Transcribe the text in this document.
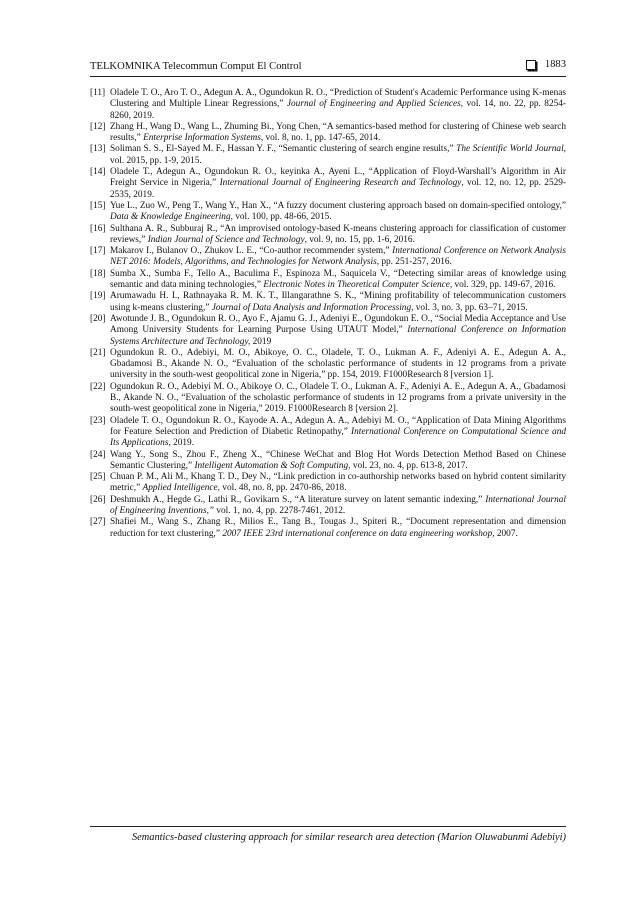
TELKOMNIKA Telecommun Comput El Control	1883
[11] Oladele T. O., Aro T. O., Adegun A. A., Ogundokun R. O., “Prediction of Student's Academic Performance using K-menas Clustering and Multiple Linear Regressions,” Journal of Engineering and Applied Sciences, vol. 14, no. 22, pp. 8254-8260, 2019.
[12] Zhang H., Wang D., Wang L., Zhuming Bi., Yong Chen, “A semantics-based method for clustering of Chinese web search results,” Enterprise Information Systems, vol. 8, no. 1, pp. 147-65, 2014.
[13] Soliman S. S., El-Sayed M. F., Hassan Y. F., “Semantic clustering of search engine results,” The Scientific World Journal, vol. 2015, pp. 1-9, 2015.
[14] Oladele T., Adegun A., Ogundokun R. O., keyinka A., Ayeni L., “Application of Floyd-Warshall’s Algorithm in Air Freight Service in Nigeria,” International Journal of Engineering Research and Technology, vol. 12, no. 12, pp. 2529-2535, 2019.
[15] Yue L., Zuo W., Peng T., Wang Y., Han X., “A fuzzy document clustering approach based on domain-specified ontology,” Data & Knowledge Engineering, vol. 100, pp. 48-66, 2015.
[16] Sulthana A. R., Subburaj R., “An improvised ontology-based K-means clustering approach for classification of customer reviews,” Indian Journal of Science and Technology, vol. 9, no. 15, pp. 1-6, 2016.
[17] Makarov I., Bulanov O., Zhukov L. E., “Co-author recommender system,” International Conference on Network Analysis NET 2016: Models, Algorithms, and Technologies for Network Analysis, pp. 251-257, 2016.
[18] Sumba X., Sumba F., Tello A., Baculima F., Espinoza M., Saquicela V., “Detecting similar areas of knowledge using semantic and data mining technologies,” Electronic Notes in Theoretical Computer Science, vol. 329, pp. 149-67, 2016.
[19] Arumawadu H. I., Rathnayaka R. M. K. T., Illangarathne S. K., “Mining profitability of telecommunication customers using k-means clustering,” Journal of Data Analysis and Information Processing, vol. 3, no. 3, pp. 63–71, 2015.
[20] Awotunde J. B., Ogundokun R. O., Ayo F., Ajamu G. J., Adeniyi E., Ogundokun E. O., “Social Media Acceptance and Use Among University Students for Learning Purpose Using UTAUT Model,” International Conference on Information Systems Architecture and Technology, 2019
[21] Ogundokun R. O., Adebiyi, M. O., Abikoye, O. C., Oladele, T. O., Lukman A. F., Adeniyi A. E., Adegun A. A., Gbadamosi B., Akande N. O., “Evaluation of the scholastic performance of students in 12 programs from a private university in the south-west geopolitical zone in Nigeria,” pp. 154, 2019. F1000Research 8 [version 1].
[22] Ogundokun R. O., Adebiyi M. O., Abikoye O. C., Oladele T. O., Lukman A. F., Adeniyi A. E., Adegun A. A., Gbadamosi B., Akande N. O., “Evaluation of the scholastic performance of students in 12 programs from a private university in the south-west geopolitical zone in Nigeria,” 2019. F1000Research 8 [version 2].
[23] Oladele T. O., Ogundokun R. O., Kayode A. A., Adegun A. A., Adebiyi M. O., “Application of Data Mining Algorithms for Feature Selection and Prediction of Diabetic Retinopathy,” International Conference on Computational Science and Its Applications, 2019.
[24] Wang Y., Song S., Zhou F., Zheng X., “Chinese WeChat and Blog Hot Words Detection Method Based on Chinese Semantic Clustering,” Intelligent Automation & Soft Computing, vol. 23, no. 4, pp. 613-8, 2017.
[25] Chuan P. M., Ali M., Khang T. D., Dey N., “Link prediction in co-authorship networks based on hybrid content similarity metric,” Applied Intelligence, vol. 48, no. 8, pp. 2470-86, 2018.
[26] Deshmukh A., Hegde G., Lathi R., Govikarn S., “A literature survey on latent semantic indexing,” International Journal of Engineering Inventions,” vol. 1, no. 4, pp. 2278-7461, 2012.
[27] Shafiei M., Wang S., Zhang R., Milios E., Tang B., Tougas J., Spiteri R., “Document representation and dimension reduction for text clustering,” 2007 IEEE 23rd international conference on data engineering workshop, 2007.
Semantics-based clustering approach for similar research area detection (Marion Oluwabunmi Adebiyi)
